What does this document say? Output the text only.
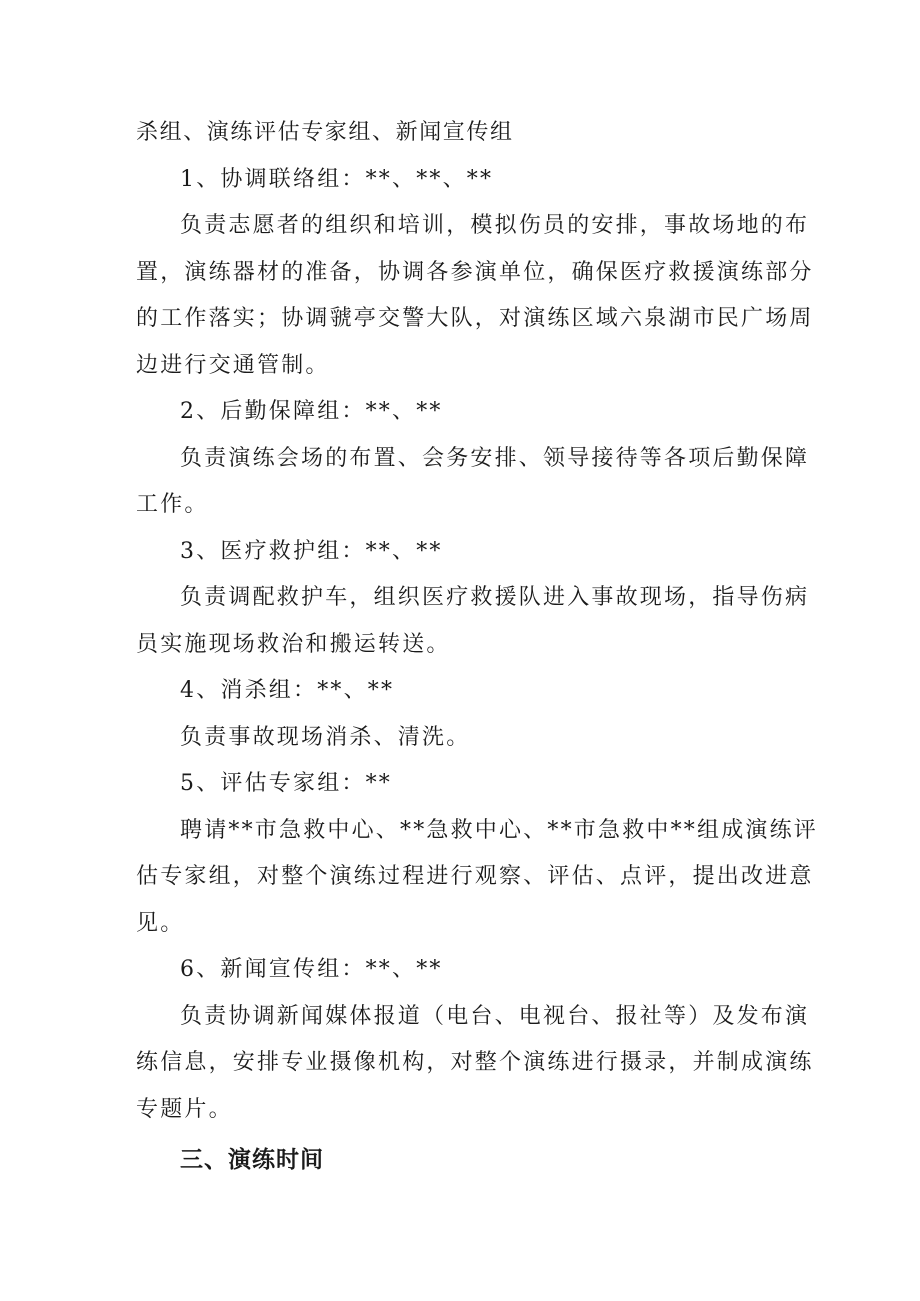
杀组、演练评估专家组、新闻宣传组
1、协调联络组：**、**、**
负责志愿者的组织和培训，模拟伤员的安排，事故场地的布
置，演练器材的准备，协调各参演单位，确保医疗救援演练部分
的工作落实；协调虢亭交警大队，对演练区域六泉湖市民广场周
边进行交通管制。
2、后勤保障组：**、**
负责演练会场的布置、会务安排、领导接待等各项后勤保障
工作。
3、医疗救护组：**、**
负责调配救护车，组织医疗救援队进入事故现场，指导伤病
员实施现场救治和搬运转送。
4、消杀组：**、**
负责事故现场消杀、清洗。
5、评估专家组：**
聘请**市急救中心、**急救中心、**市急救中**组成演练评
估专家组，对整个演练过程进行观察、评估、点评，提出改进意
见。
6、新闻宣传组：**、**
负责协调新闻媒体报道（电台、电视台、报社等）及发布演
练信息，安排专业摄像机构，对整个演练进行摄录，并制成演练
专题片。
三、演练时间
